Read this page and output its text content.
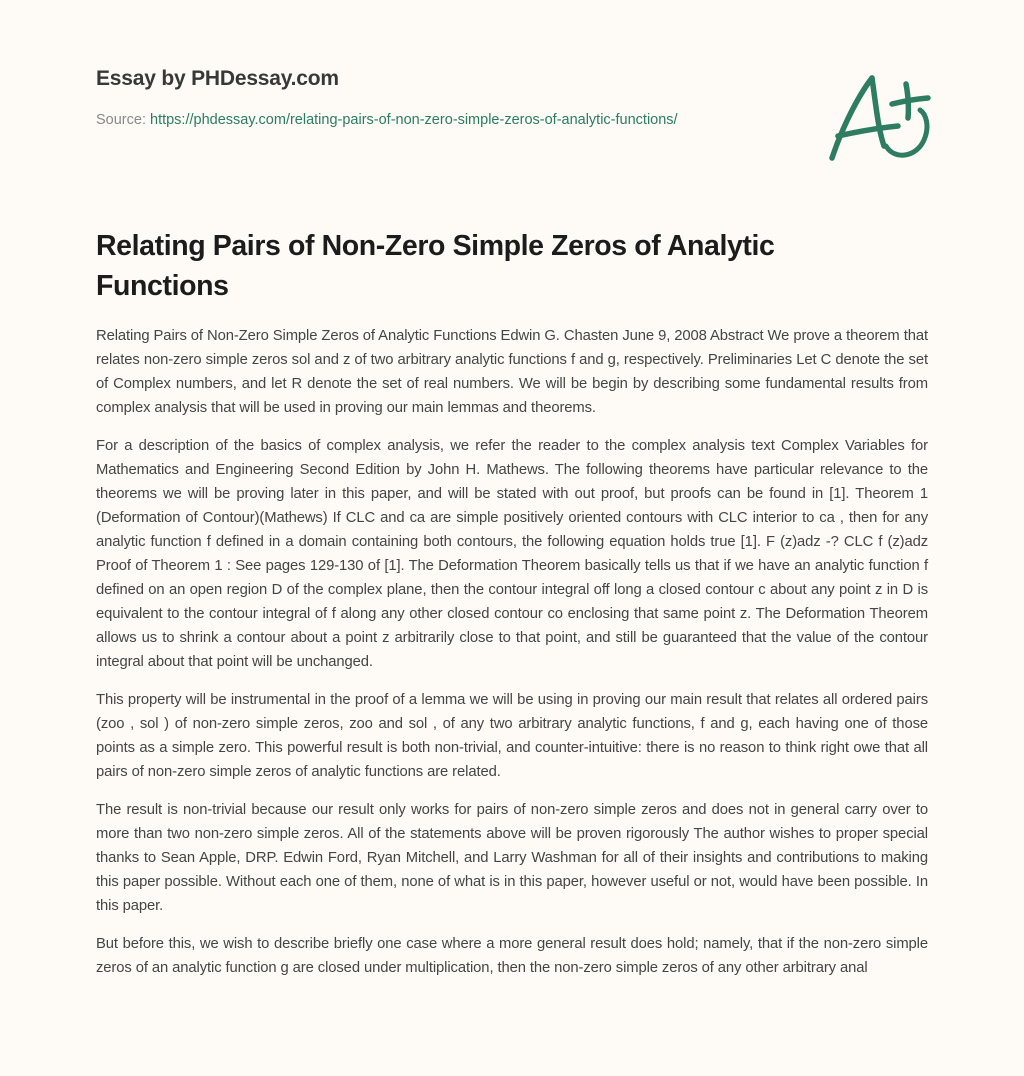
Essay by PHDessay.com
Source: https://phdessay.com/relating-pairs-of-non-zero-simple-zeros-of-analytic-functions/
Relating Pairs of Non-Zero Simple Zeros of Analytic Functions

Relating Pairs of Non-Zero Simple Zeros of Analytic Functions Edwin G. Chasten June 9, 2008 Abstract We prove a theorem that relates non-zero simple zeros sol and z of two arbitrary analytic functions f and g, respectively. Preliminaries Let C denote the set of Complex numbers, and let R denote the set of real numbers. We will be begin by describing some fundamental results from complex analysis that will be used in proving our main lemmas and theorems.

For a description of the basics of complex analysis, we refer the reader to the complex analysis text Complex Variables for Mathematics and Engineering Second Edition by John H. Mathews. The following theorems have particular relevance to the theorems we will be proving later in this paper, and will be stated with out proof, but proofs can be found in [1]. Theorem 1 (Deformation of Contour)(Mathews) If CLC and ca are simple positively oriented contours with CLC interior to ca , then for any analytic function f defined in a domain containing both contours, the following equation holds true [1]. F (z)adz -? CLC f (z)adz Proof of Theorem 1 : See pages 129-130 of [1]. The Deformation Theorem basically tells us that if we have an analytic function f defined on an open region D of the complex plane, then the contour integral off long a closed contour c about any point z in D is equivalent to the contour integral of f along any other closed contour co enclosing that same point z. The Deformation Theorem allows us to shrink a contour about a point z arbitrarily close to that point, and still be guaranteed that the value of the contour integral about that point will be unchanged.

This property will be instrumental in the proof of a lemma we will be using in proving our main result that relates all ordered pairs (zoo , sol ) of non-zero simple zeros, zoo and sol , of any two arbitrary analytic functions, f and g, each having one of those points as a simple zero. This powerful result is both non-trivial, and counter-intuitive: there is no reason to think right owe that all pairs of non-zero simple zeros of analytic functions are related.

The result is non-trivial because our result only works for pairs of non-zero simple zeros and does not in general carry over to more than two non-zero simple zeros. All of the statements above will be proven rigorously The author wishes to proper special thanks to Sean Apple, DRP. Edwin Ford, Ryan Mitchell, and Larry Washman for all of their insights and contributions to making this paper possible. Without each one of them, none of what is in this paper, however useful or not, would have been possible. In this paper.

But before this, we wish to describe briefly one case where a more general result does hold; namely, that if the non-zero simple zeros of an analytic function g are closed under multiplication, then the non-zero simple zeros of any other arbitrary anal
